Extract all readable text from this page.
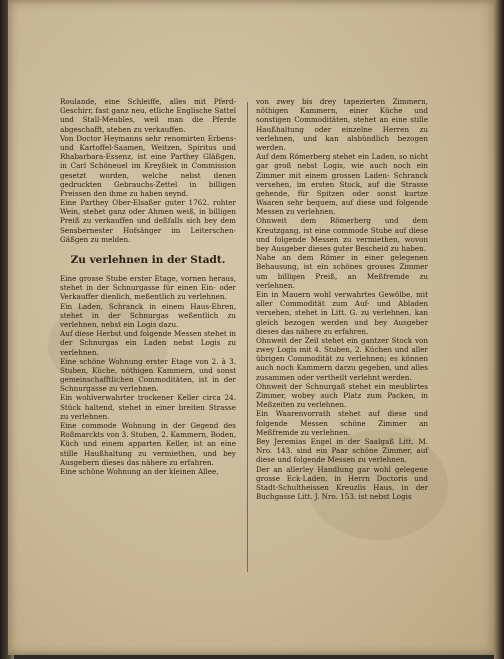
Roulande, eine Schleiffe, alles mit Pferd-Geschirr, fast ganz neu, etliche Englische Sattel und Stall-Meubles, weil man die Pferde abgeschafft, stehen zu verkauffen.

Von Doctor Heymanns sehr renomirten Erbens- und Kartoffel-Saamen, Weitzen, Spiritus und Rhabarbara-Essenz, ist eine Parthey Gläßgen, in Carl Schöneuel im Kreyßiek in Commission gesetzt worden, welche nebst denen gedruckten Gebrauchs-Zettel in billigen Preissen den ihme zu haben seynd.

Eine Parthey Ober-Elsaßer guter 1762. rohter Wein, stehet ganz oder Ahmen weiß, in billigen Preiß zu verkauffen und deßfalls sich bey dem Sensbernester Hofsänger im Leiterschen-Gäßgen zu melden.

Zu verlehnen in der Stadt.

Eine grosse Stube erster Etage, vornen heraus, stehet in der Schnurgasse für einen Ein- oder Verkauffer dienlich, meßentlich zu verlehnen.

Ein Laden, Schranck in einem Haus-Ehren, stehet in der Schnurgas weßentlich zu verlehnen, nebst ein Logis dazu.

Auf diese Herbst und folgende Messen stehet in der Schnurgas ein Laden nebst Logis zu verlehnen.

Eine schöne Wohnung erster Etage von 2. à 3. Stuben, Küche, nöthigen Kammern, und sonst gemeinschafftlichen Commoditäten, ist in der Schnurgasse zu verlehnen.

Ein wohlverwahrter trockener Keller circa 24. Stück haltend, stehet in einer breiten Strasse zu verlehnen.

Eine commode Wohnung in der Gegend des Roßmarckts von 3. Stuben, 2. Kammern, Boden, Küch und einem apparten Keller, ist an eine stille Haußhaltung zu vermiethen, und bey Ausgebern dieses das nähere zu erfahren.

Eine schöne Wohnung an der kleinen Allee,

von zwey bis drey tapezierten Zimmern, nöthigen Kammern, einer Küche und sonstigen Commoditäten, stehet an eine stille Haußhaltung oder einzelne Herren zu verlehnen, und kan alsbündlich bezogen werden.

Auf dem Römerberg stehet ein Laden, so nicht gar groß nebst Logis, wie auch noch ein Zimmer mit einem grossen Laden- Schranck versehen, im ersten Stock, auf die Strasse gehende, für Spitzen oder sonst kurtze Waaren sehr bequem, auf diese und folgende Messen zu verlehnen.

Ohnweit dem Römerberg und dem Kreutzgang, ist eine commode Stube auf diese und folgende Messen zu vermiethen, wovon bey Ausgeber dieses guter Bescheid zu haben.

Nahe an dem Römer in einer gelegenen Behausung, ist ein schönes grosses Zimmer um billigen Preiß, an Meßfremde zu verlehnen.

Ein in Mauern wohl verwahrtes Gewölbe, mit aller Commodität zum Auf- und Abladen versehen, stehet in Litt. G. zu verlehnen, kan gleich bezogen werden und bey Ausgeber dieses das nähere zu erfahren.

Ohnweit der Zeil stehet ein gantzer Stock von zwey Logis mit 4. Stuben, 2. Küchen und aller übrigen Commodität zu verlehnen; es können auch noch Kammern darzu gegeben, und alles zusammen oder vertheilt verlehnt werden.

Ohnweit der Schnurgaß stehet ein meublirtes Zimmer, wobey auch Platz zum Packen, in Meßzeiten zu verlehnen.

Ein Waarenvorrath stehet auf diese und folgende Messen schöne Zimmer an Meßfremde zu verlehnen.

Bey Jeremias Engel in der Saalgaß Litt. M. Nro. 143. sind ein Paar schöne Zimmer, auf diese und folgende Messen zu verlehnen.

Der an allerley Handlung gar wohl gelegene grosse Eck-Laden, in Herrn Doctoris und Stadt-Schultheissen Kreuzlis Haus, in der Buchgasse Litt. J. Nro. 153. ist nebst Logis
